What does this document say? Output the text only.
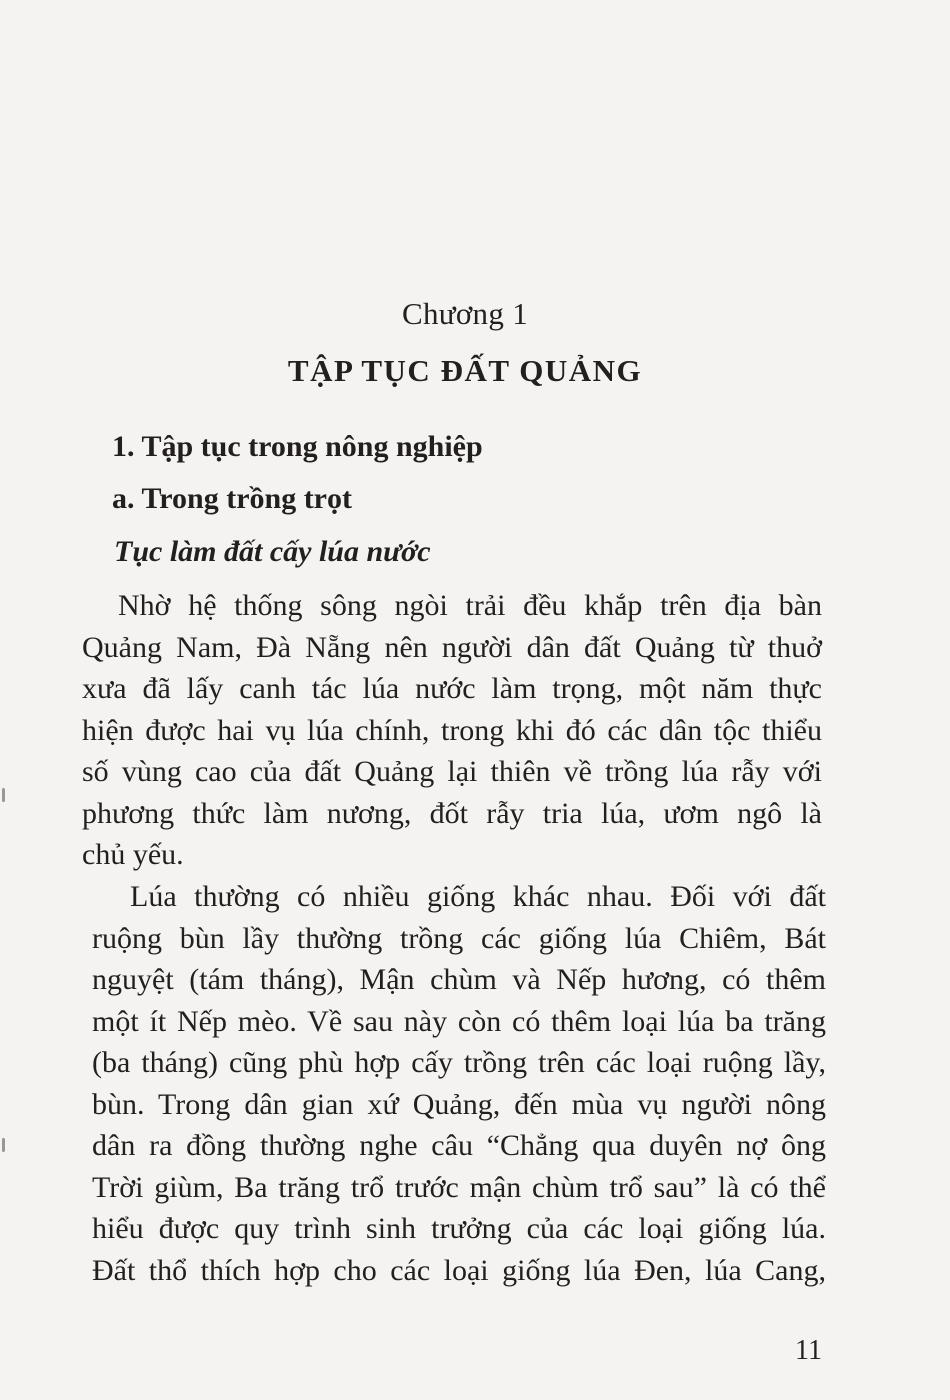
Chương 1
TẬP TỤC ĐẤT QUẢNG
1. Tập tục trong nông nghiệp
a. Trong trồng trọt
Tục làm đất cấy lúa nước
Nhờ hệ thống sông ngòi trải đều khắp trên địa bàn
Quảng Nam, Đà Nẵng nên người dân đất Quảng từ thuở
xưa đã lấy canh tác lúa nước làm trọng, một năm thực
hiện được hai vụ lúa chính, trong khi đó các dân tộc thiểu
số vùng cao của đất Quảng lại thiên về trồng lúa rẫy với
phương thức làm nương, đốt rẫy tria lúa, ươm ngô là
chủ yếu.
Lúa thường có nhiều giống khác nhau. Đối với đất
ruộng bùn lầy thường trồng các giống lúa Chiêm, Bát
nguyệt (tám tháng), Mận chùm và Nếp hương, có thêm
một ít Nếp mèo. Về sau này còn có thêm loại lúa ba trăng
(ba tháng) cũng phù hợp cấy trồng trên các loại ruộng lầy,
bùn. Trong dân gian xứ Quảng, đến mùa vụ người nông
dân ra đồng thường nghe câu “Chẳng qua duyên nợ ông
Trời giùm, Ba trăng trổ trước mận chùm trổ sau” là có thể
hiểu được quy trình sinh trưởng của các loại giống lúa.
Đất thổ thích hợp cho các loại giống lúa Đen, lúa Cang,
11
